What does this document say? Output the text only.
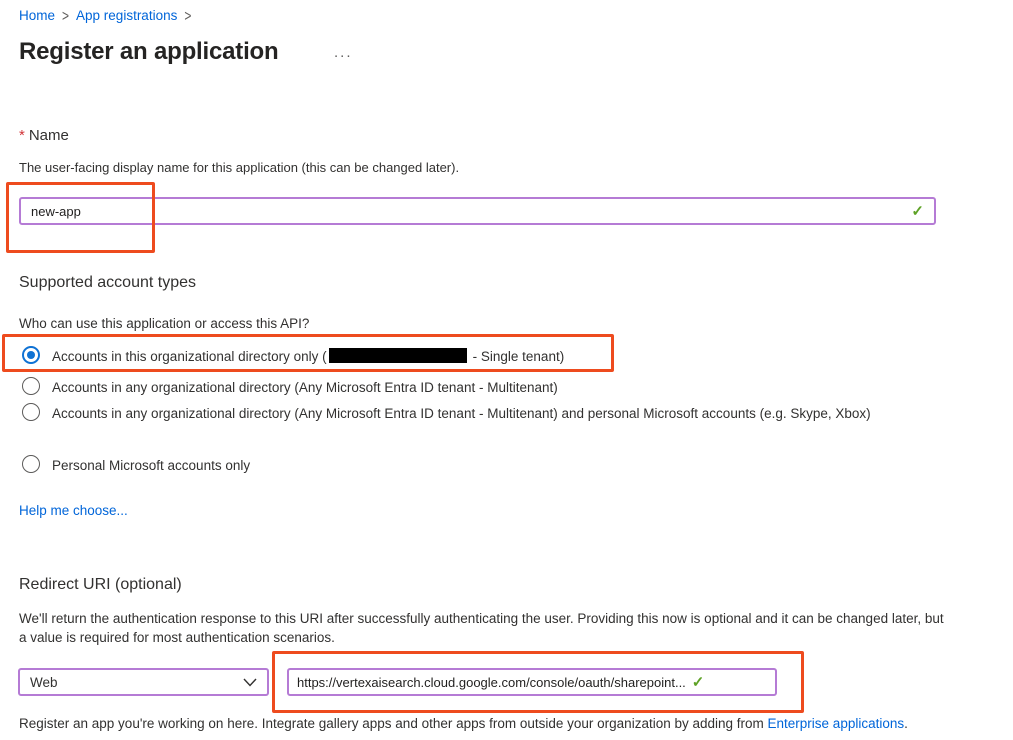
Home > App registrations >
Register an application	...
* Name
The user-facing display name for this application (this can be changed later).
new-app	✓
Supported account types
Who can use this application or access this API?
Accounts in this organizational directory only (	- Single tenant)
Accounts in any organizational directory (Any Microsoft Entra ID tenant - Multitenant)
Accounts in any organizational directory (Any Microsoft Entra ID tenant - Multitenant) and personal Microsoft accounts (e.g. Skype, Xbox)
Personal Microsoft accounts only
Help me choose...
Redirect URI (optional)
We'll return the authentication response to this URI after successfully authenticating the user. Providing this now is optional and it can be changed later, but a value is required for most authentication scenarios.
Web	https://vertexaisearch.cloud.google.com/console/oauth/sharepoint... ✓
Register an app you're working on here. Integrate gallery apps and other apps from outside your organization by adding from Enterprise applications.
